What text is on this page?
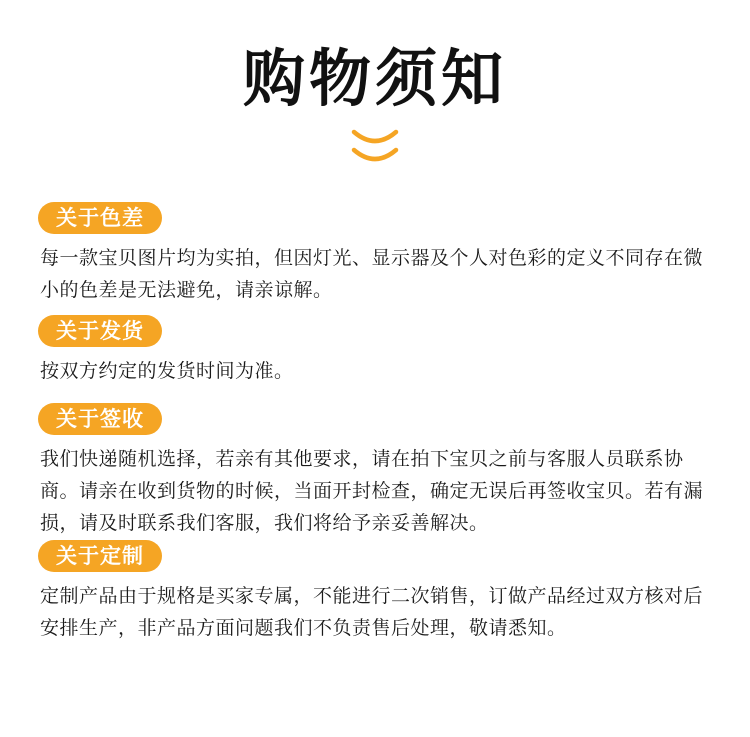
购物须知
关于色差
每一款宝贝图片均为实拍，但因灯光、显示器及个人对色彩的定义不同存在微小的色差是无法避免，请亲谅解。
关于发货
按双方约定的发货时间为准。
关于签收
我们快递随机选择，若亲有其他要求，请在拍下宝贝之前与客服人员联系协商。请亲在收到货物的时候，当面开封检查，确定无误后再签收宝贝。若有漏损，请及时联系我们客服，我们将给予亲妥善解决。
关于定制
定制产品由于规格是买家专属，不能进行二次销售，订做产品经过双方核对后安排生产，非产品方面问题我们不负责售后处理，敬请悉知。
